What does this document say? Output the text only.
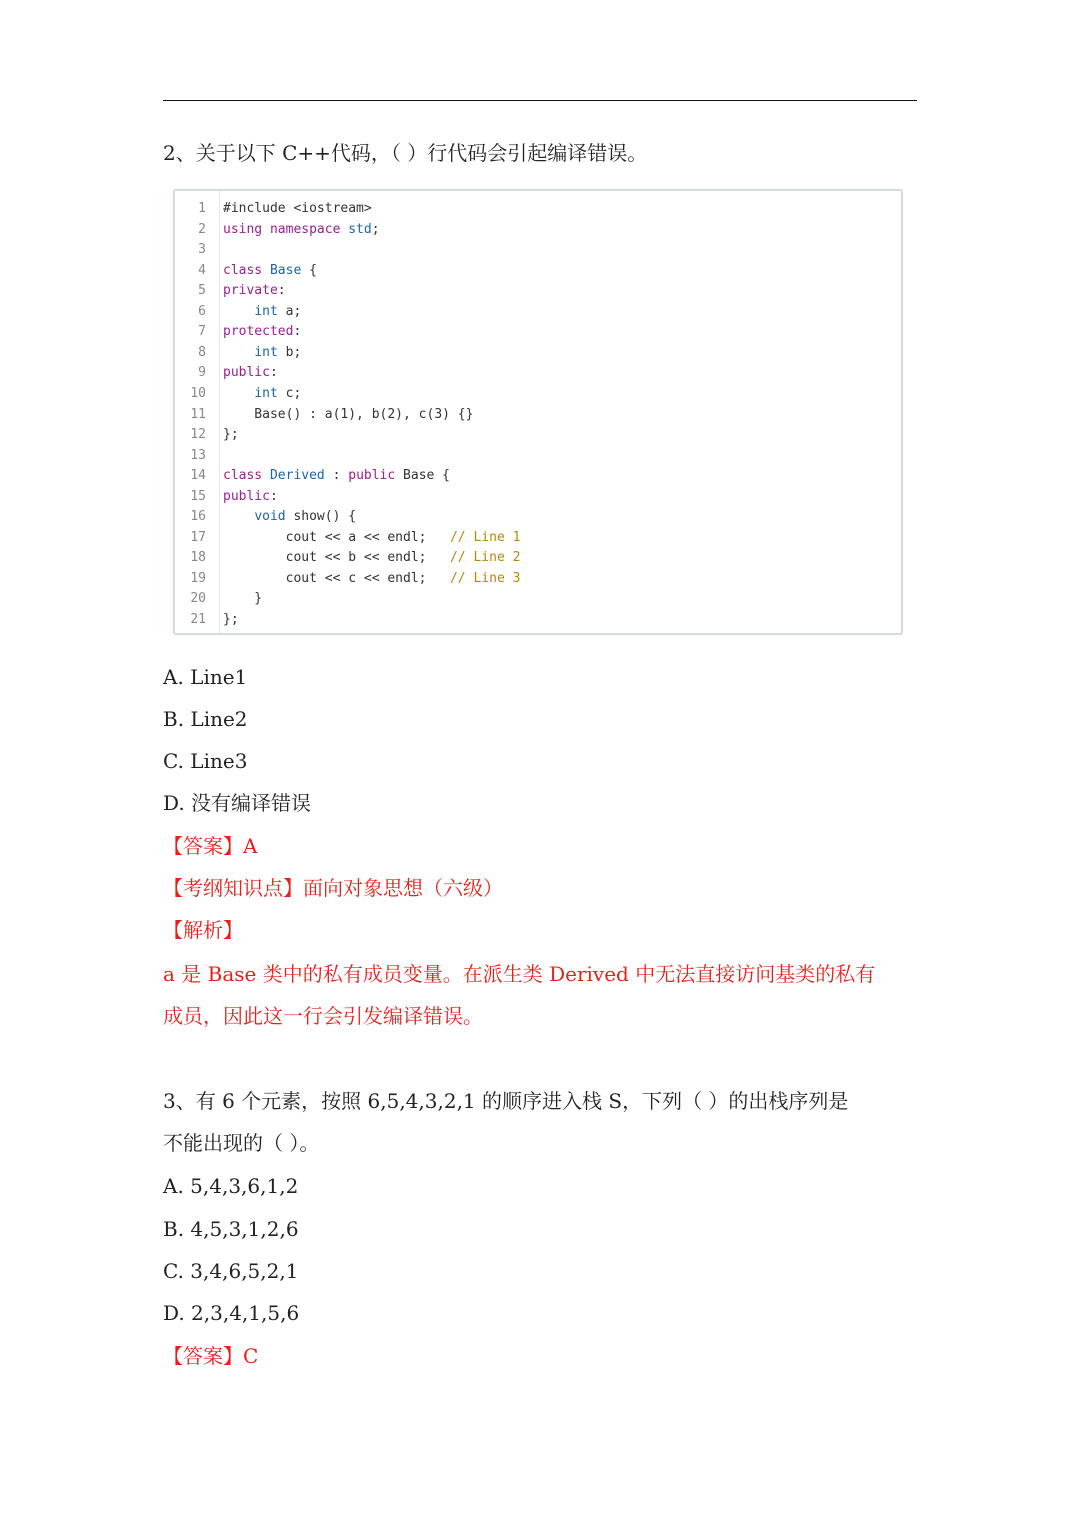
2、关于以下 C++代码，（ ）行代码会引起编译错误。
1 #include <iostream>
2 using namespace std;
3
4 class Base {
5 private:
6	int a;
7 protected:
8	int b;
9 public:
10	int c;
11 Base() : a(1), b(2), c(3) {}
12 };
13
14 class Derived : public Base {
15 public:
16	void show() {
17 cout << a << endl;   // Line 1
18 cout << b << endl;   // Line 2
19 cout << c << endl;   // Line 3
20 }
21 };
A. Line1
B. Line2
C. Line3
D. 没有编译错误
【答案】A
【考纲知识点】面向对象思想（六级）
【解析】
a 是 Base 类中的私有成员变量。在派生类 Derived 中无法直接访问基类的私有
成员，因此这一行会引发编译错误。
3、有 6 个元素，按照 6,5,4,3,2,1 的顺序进入栈 S，下列（ ）的出栈序列是
不能出现的（ ）。
A. 5,4,3,6,1,2
B. 4,5,3,1,2,6
C. 3,4,6,5,2,1
D. 2,3,4,1,5,6
【答案】C
